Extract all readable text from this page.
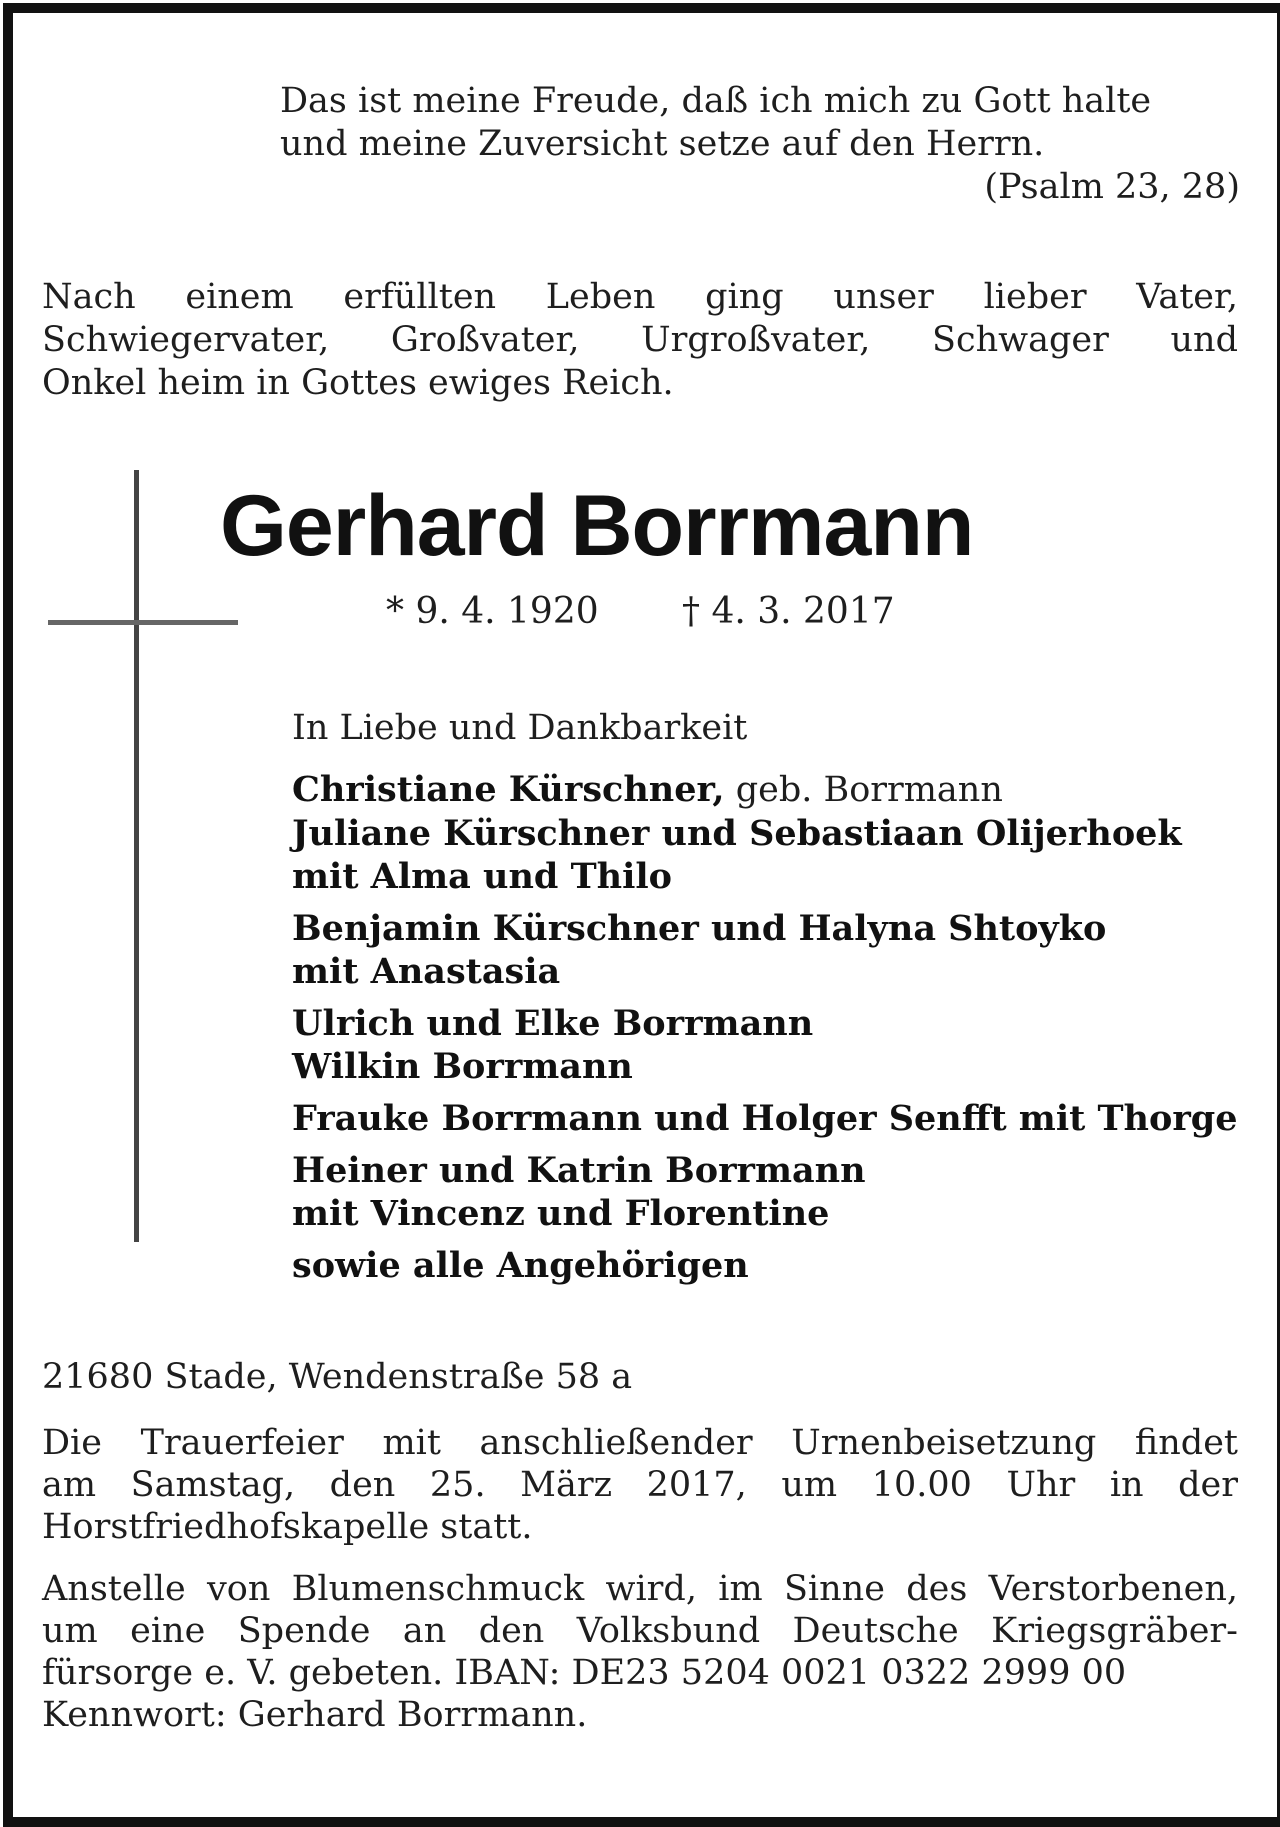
Das ist meine Freude, daß ich mich zu Gott halte
und meine Zuversicht setze auf den Herrn.
(Psalm 23, 28)
Nach einem erfüllten Leben ging unser lieber Vater,
Schwiegervater, Großvater, Urgroßvater, Schwager und
Onkel heim in Gottes ewiges Reich.
Gerhard Borrmann
* 9. 4. 1920 † 4. 3. 2017
In Liebe und Dankbarkeit
Christiane Kürschner, geb. Borrmann
Juliane Kürschner und Sebastiaan Olijerhoek
mit Alma und Thilo
Benjamin Kürschner und Halyna Shtoyko
mit Anastasia
Ulrich und Elke Borrmann
Wilkin Borrmann
Frauke Borrmann und Holger Senfft mit Thorge
Heiner und Katrin Borrmann
mit Vincenz und Florentine
sowie alle Angehörigen
21680 Stade, Wendenstraße 58 a
Die Trauerfeier mit anschließender Urnenbeisetzung findet
am Samstag, den 25. März 2017, um 10.00 Uhr in der
Horstfriedhofskapelle statt.
Anstelle von Blumenschmuck wird, im Sinne des Verstorbenen,
um eine Spende an den Volksbund Deutsche Kriegsgräber-
fürsorge e. V. gebeten. IBAN: DE23 5204 0021 0322 2999 00
Kennwort: Gerhard Borrmann.
